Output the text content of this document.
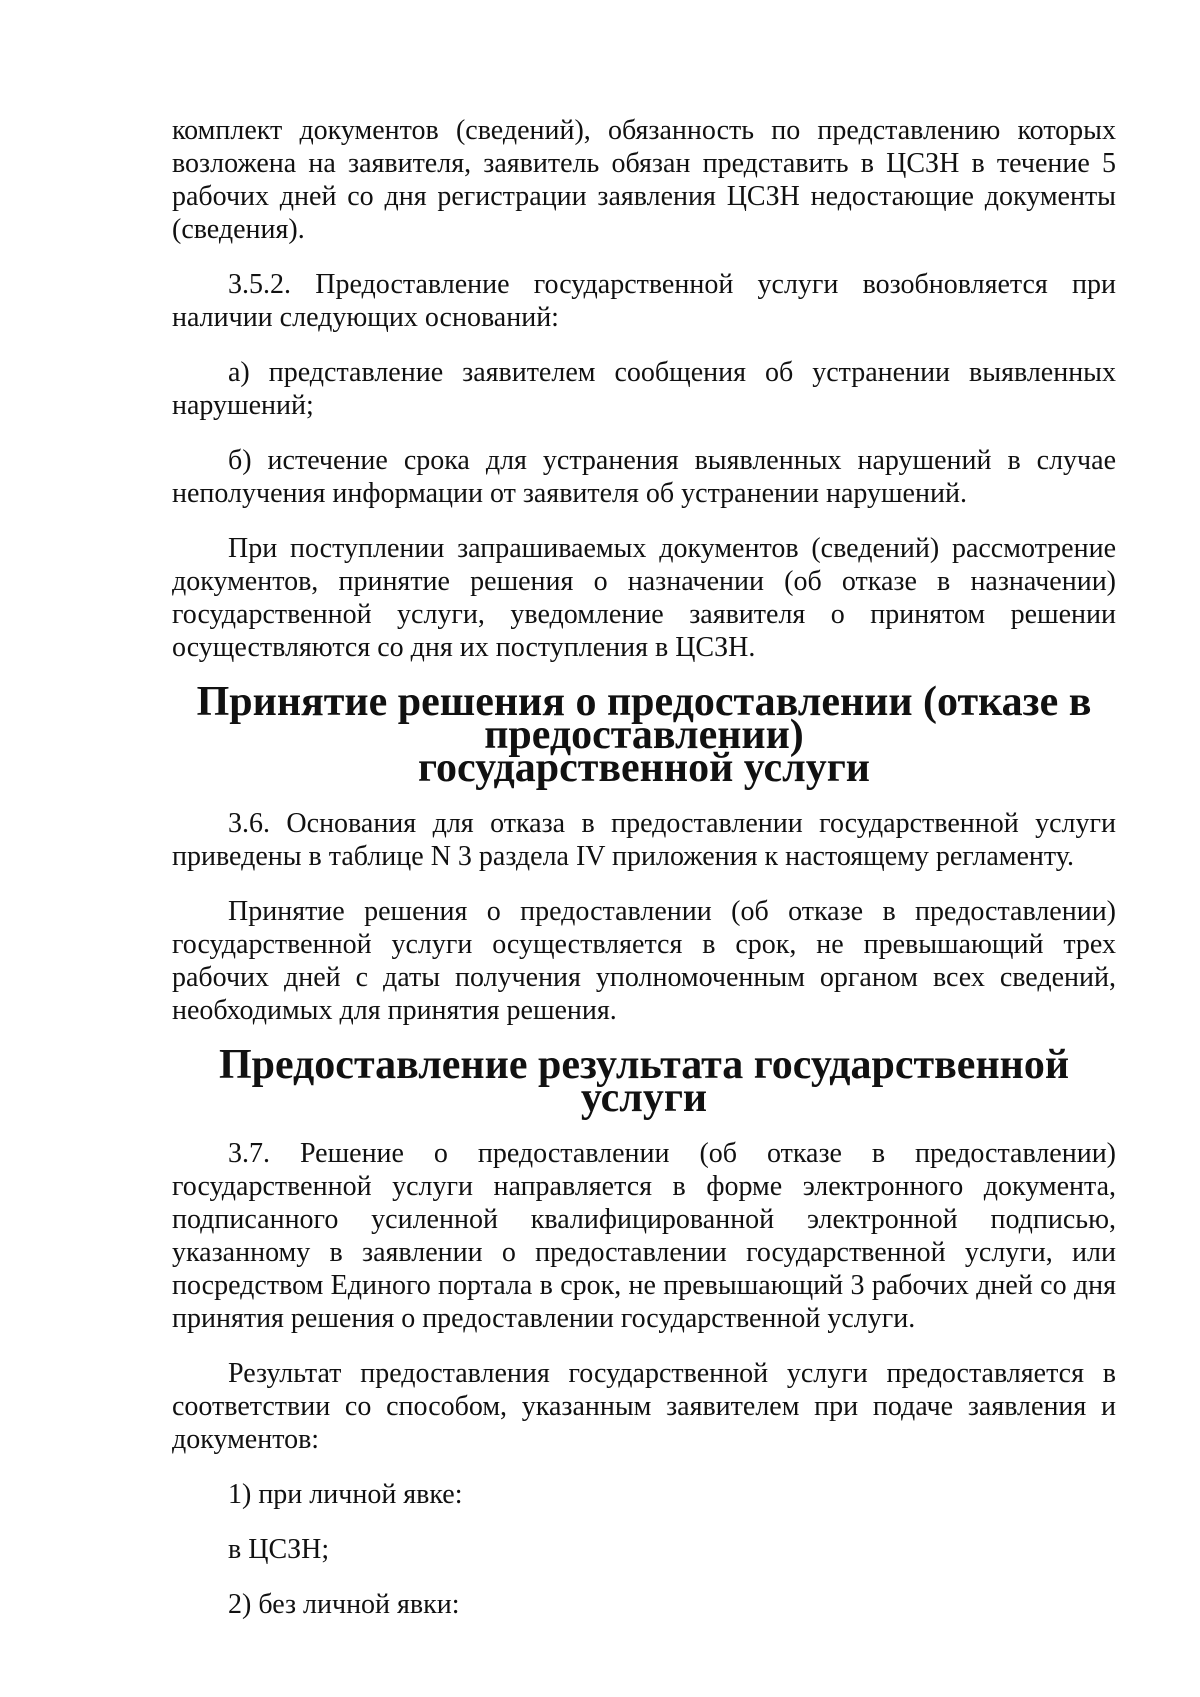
комплект документов (сведений), обязанность по представлению которых возложена на заявителя, заявитель обязан представить в ЦСЗН в течение 5 рабочих дней со дня регистрации заявления ЦСЗН недостающие документы (сведения).

3.5.2. Предоставление государственной услуги возобновляется при наличии следующих оснований:

а) представление заявителем сообщения об устранении выявленных нарушений;

б) истечение срока для устранения выявленных нарушений в случае неполучения информации от заявителя об устранении нарушений.

При поступлении запрашиваемых документов (сведений) рассмотрение документов, принятие решения о назначении (об отказе в назначении) государственной услуги, уведомление заявителя о принятом решении осуществляются со дня их поступления в ЦСЗН.

Принятие решения о предоставлении (отказе в предоставлении)
государственной услуги

3.6. Основания для отказа в предоставлении государственной услуги приведены в таблице N 3 раздела IV приложения к настоящему регламенту.

Принятие решения о предоставлении (об отказе в предоставлении) государственной услуги осуществляется в срок, не превышающий трех рабочих дней с даты получения уполномоченным органом всех сведений, необходимых для принятия решения.

Предоставление результата государственной услуги

3.7. Решение о предоставлении (об отказе в предоставлении) государственной услуги направляется в форме электронного документа, подписанного усиленной квалифицированной электронной подписью, указанному в заявлении о предоставлении государственной услуги, или посредством Единого портала в срок, не превышающий 3 рабочих дней со дня принятия решения о предоставлении государственной услуги.

Результат предоставления государственной услуги предоставляется в соответствии со способом, указанным заявителем при подаче заявления и документов:

1) при личной явке:

в ЦСЗН;

2) без личной явки:
